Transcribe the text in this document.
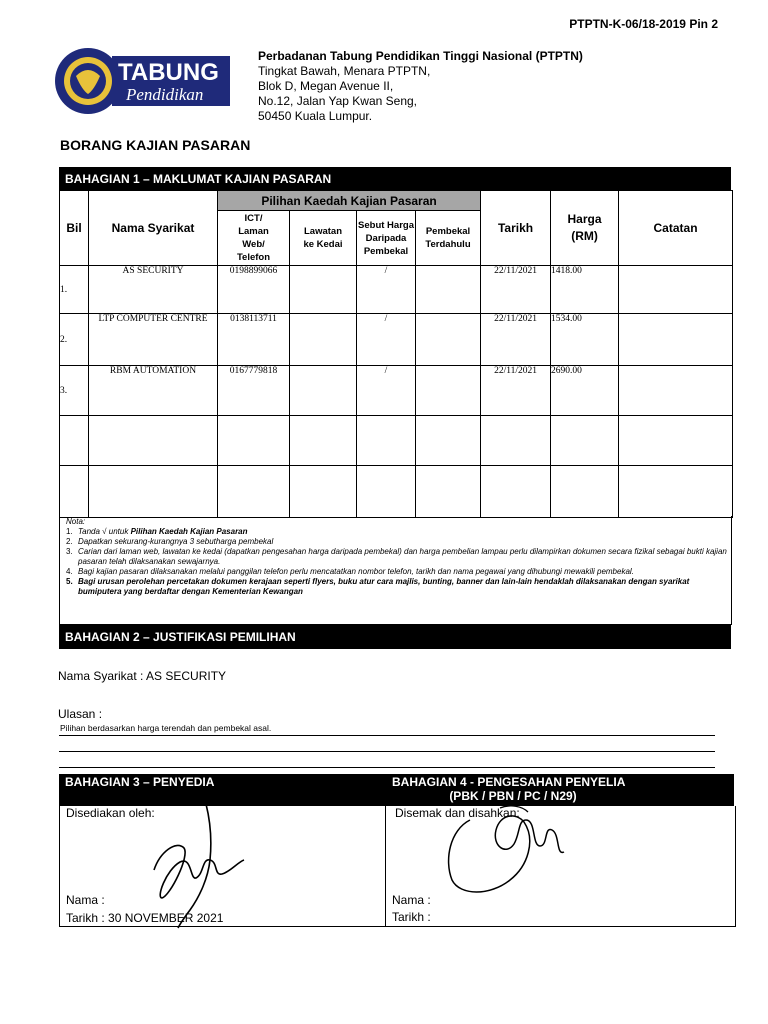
PTPTN-K-06/18-2019 Pin 2
TABUNG
Pendidikan
Perbadanan Tabung Pendidikan Tinggi Nasional (PTPTN)
Tingkat Bawah, Menara PTPTN,
Blok D, Megan Avenue II,
No.12, Jalan Yap Kwan Seng,
50450 Kuala Lumpur.
BORANG KAJIAN PASARAN
BAHAGIAN 1 – MAKLUMAT KAJIAN PASARAN
Bil	Nama Syarikat	Pilihan Kaedah Kajian Pasaran				Tarikh	Harga
(RM)	Catatan
		ICT/
Laman
Web/
Telefon	Lawatan
ke Kedai	Sebut Harga
Daripada
Pembekal	Pembekal
Terdahulu			
1.	AS SECURITY	0198899066		/		22/11/2021	1418.00	
2.	LTP COMPUTER CENTRE	0138113711		/		22/11/2021	1534.00	
3.	RBM AUTOMATION	0167779818		/		22/11/2021	2690.00	

Nota:
1. Tanda √ untuk Pilihan Kaedah Kajian Pasaran
2. Dapatkan sekurang-kurangnya 3 sebutharga pembekal
3. Carian dari laman web, lawatan ke kedai (dapatkan pengesahan harga daripada pembekal) dan harga pembelian lampau perlu dilampirkan dokumen secara fizikal sebagai bukti kajian pasaran telah dilaksanakan sewajarnya.
4. Bagi kajian pasaran dilaksanakan melalui panggilan telefon perlu mencatatkan nombor telefon, tarikh dan nama pegawai yang dihubungi mewakili pembekal.
5. Bagi urusan perolehan percetakan dokumen kerajaan seperti flyers, buku atur cara majlis, bunting, banner dan lain-lain hendaklah dilaksanakan dengan syarikat bumiputera yang berdaftar dengan Kementerian Kewangan
BAHAGIAN 2 – JUSTIFIKASI PEMILIHAN
Nama Syarikat : AS SECURITY
Ulasan :
Pilihan berdasarkan harga terendah dan pembekal asal.
BAHAGIAN 3 – PENYEDIA	BAHAGIAN 4 - PENGESAHAN PENYELIA
(PBK / PBN / PC / N29)
Disediakan oleh:
Nama :
Tarikh : 30 NOVEMBER 2021
Disemak dan disahkan:
Nama :
Tarikh :
